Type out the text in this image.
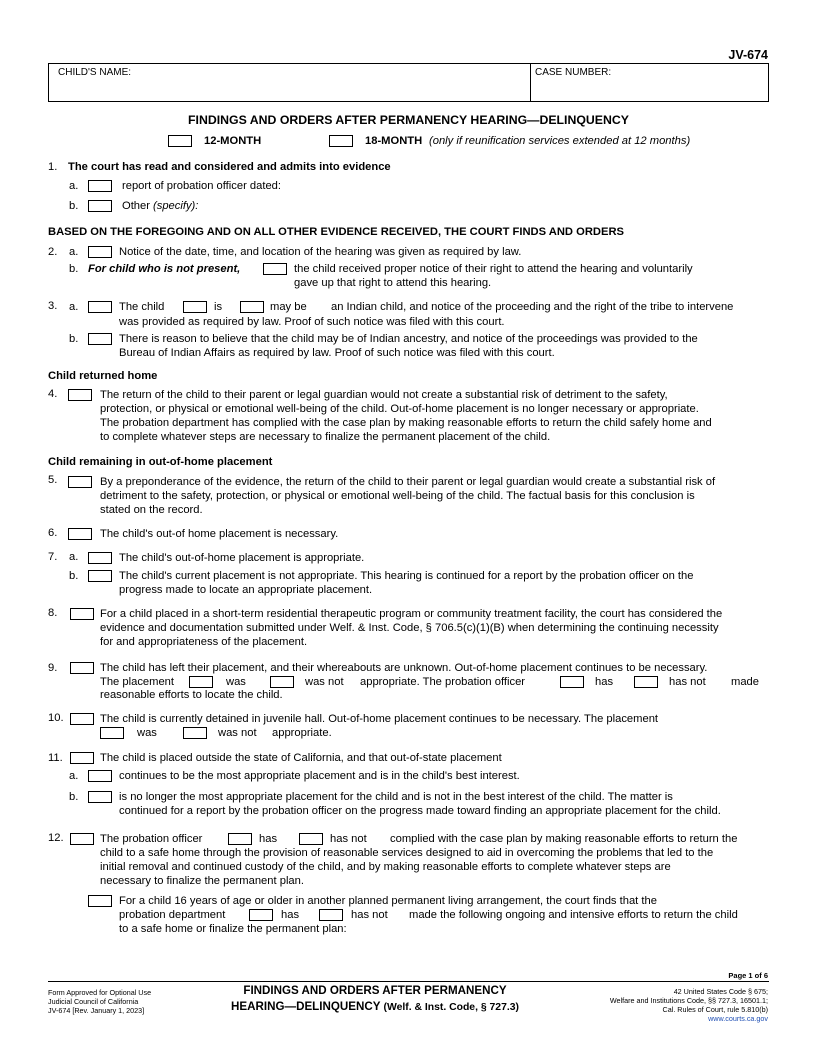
JV-674
CHILD'S NAME:	CASE NUMBER:
FINDINGS AND ORDERS AFTER PERMANENCY HEARING—DELINQUENCY
12-MONTH	18-MONTH (only if reunification services extended at 12 months)
1. The court has read and considered and admits into evidence
a.	report of probation officer dated:
b.	Other (specify):
BASED ON THE FOREGOING AND ON ALL OTHER EVIDENCE RECEIVED, THE COURT FINDS AND ORDERS
2. a.	Notice of the date, time, and location of the hearing was given as required by law.
b. For child who is not present,	the child received proper notice of their right to attend the hearing and voluntarily
gave up that right to attend this hearing.
3. a.	The child	is	may be an Indian child, and notice of the proceeding and the right of the tribe to intervene
was provided as required by law. Proof of such notice was filed with this court.
b.	There is reason to believe that the child may be of Indian ancestry, and notice of the proceedings was provided to the
Bureau of Indian Affairs as required by law. Proof of such notice was filed with this court.
Child returned home
4.	The return of the child to their parent or legal guardian would not create a substantial risk of detriment to the safety,
protection, or physical or emotional well-being of the child. Out-of-home placement is no longer necessary or appropriate.
The probation department has complied with the case plan by making reasonable efforts to return the child safely home and
to complete whatever steps are necessary to finalize the permanent placement of the child.
Child remaining in out-of-home placement
5.	By a preponderance of the evidence, the return of the child to their parent or legal guardian would create a substantial risk of
detriment to the safety, protection, or physical or emotional well-being of the child. The factual basis for this conclusion is
stated on the record.
6.	The child's out-of home placement is necessary.
7. a.	The child's out-of-home placement is appropriate.
b.	The child's current placement is not appropriate. This hearing is continued for a report by the probation officer on the
progress made to locate an appropriate placement.
8.	For a child placed in a short-term residential therapeutic program or community treatment facility, the court has considered the
evidence and documentation submitted under Welf. & Inst. Code, § 706.5(c)(1)(B) when determining the continuing necessity
for and appropriateness of the placement.
9.	The child has left their placement, and their whereabouts are unknown. Out-of-home placement continues to be necessary.
The placement	was	was not appropriate. The probation officer	has	has not made
reasonable efforts to locate the child.
10.	The child is currently detained in juvenile hall. Out-of-home placement continues to be necessary. The placement
was	was not appropriate.
11.	The child is placed outside the state of California, and that out-of-state placement
a.	continues to be the most appropriate placement and is in the child's best interest.
b.	is no longer the most appropriate placement for the child and is not in the best interest of the child. The matter is
continued for a report by the probation officer on the progress made toward finding an appropriate placement for the child.
12.	The probation officer	has	has not complied with the case plan by making reasonable efforts to return the
child to a safe home through the provision of reasonable services designed to aid in overcoming the problems that led to the
initial removal and continued custody of the child, and by making reasonable efforts to complete whatever steps are
necessary to finalize the permanent plan.
For a child 16 years of age or older in another planned permanent living arrangement, the court finds that the
probation department	has	has not made the following ongoing and intensive efforts to return the child
to a safe home or finalize the permanent plan:
Page 1 of 6
Form Approved for Optional Use
Judicial Council of California
JV-674 [Rev. January 1, 2023]
FINDINGS AND ORDERS AFTER PERMANENCY
HEARING—DELINQUENCY (Welf. & Inst. Code, § 727.3)
42 United States Code § 675;
Welfare and Institutions Code, §§ 727.3, 16501.1;
Cal. Rules of Court, rule 5.810(b)
www.courts.ca.gov
